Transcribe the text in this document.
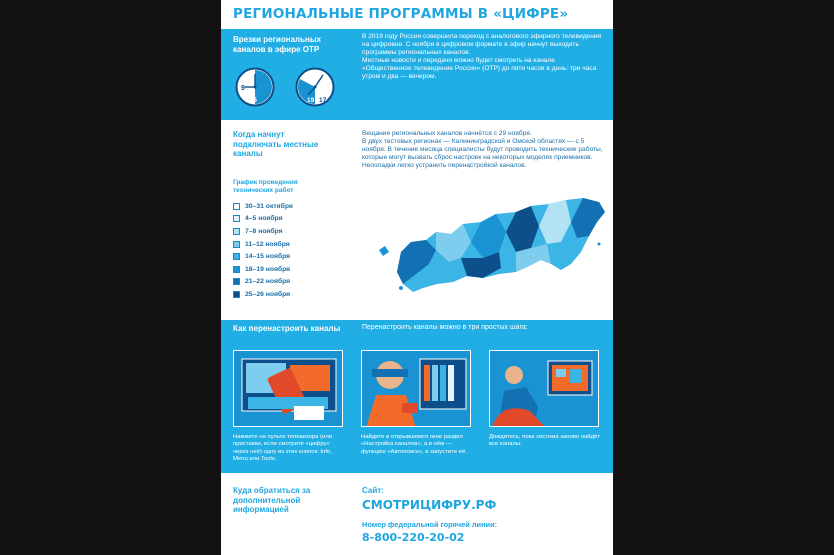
РЕГИОНАЛЬНЫЕ ПРОГРАММЫ В «ЦИФРЕ»
Врезки региональных каналов в эфире ОТР
9
6	19 17

В 2019 году Россия совершила переход с аналогового эфирного телевидения на цифровое. С ноября в цифровом формате в эфир начнут выходить программы региональных каналов.

Местные новости и передачи можно будет смотреть на канале «Общественное телевидение России» (ОТР) до пяти часов в день: три часа утром и два — вечером.

Когда начнут подключать местные каналы

Вещание региональных каналов начнётся с 29 ноября.

В двух тестовых регионах — Калининградской и Омской областях — с 5 ноября. В течение месяца специалисты будут проводить технические работы, которые могут вызвать сброс настроек на некоторых моделях приемников.

Неполадки легко устранить перенастройкой каналов.

График проведения технических работ
30–31 октября
4–5 ноября
7–8 ноября
11–12 ноября
14–15 ноября
18–19 ноября
21–22 ноября
25–26 ноября
Как перенастроить каналы	Перенастроить каналы можно в три простых шага:
Нажмите на пульте телевизора (или приставки, если смотрите «цифру» через неё) одну из этих кнопок: Info, Menu или Tools.
Найдите в открывшемся окне раздел «Настройка каналов», а в нём — функцию «Автопоиск», и запустите её.
Дождитесь, пока система заново найдёт все каналы.
Куда обратиться за дополнительной информацией
Сайт:
СМОТРИЦИФРУ.РФ
Номер федеральной горячей линии:
8-800-220-20-02
